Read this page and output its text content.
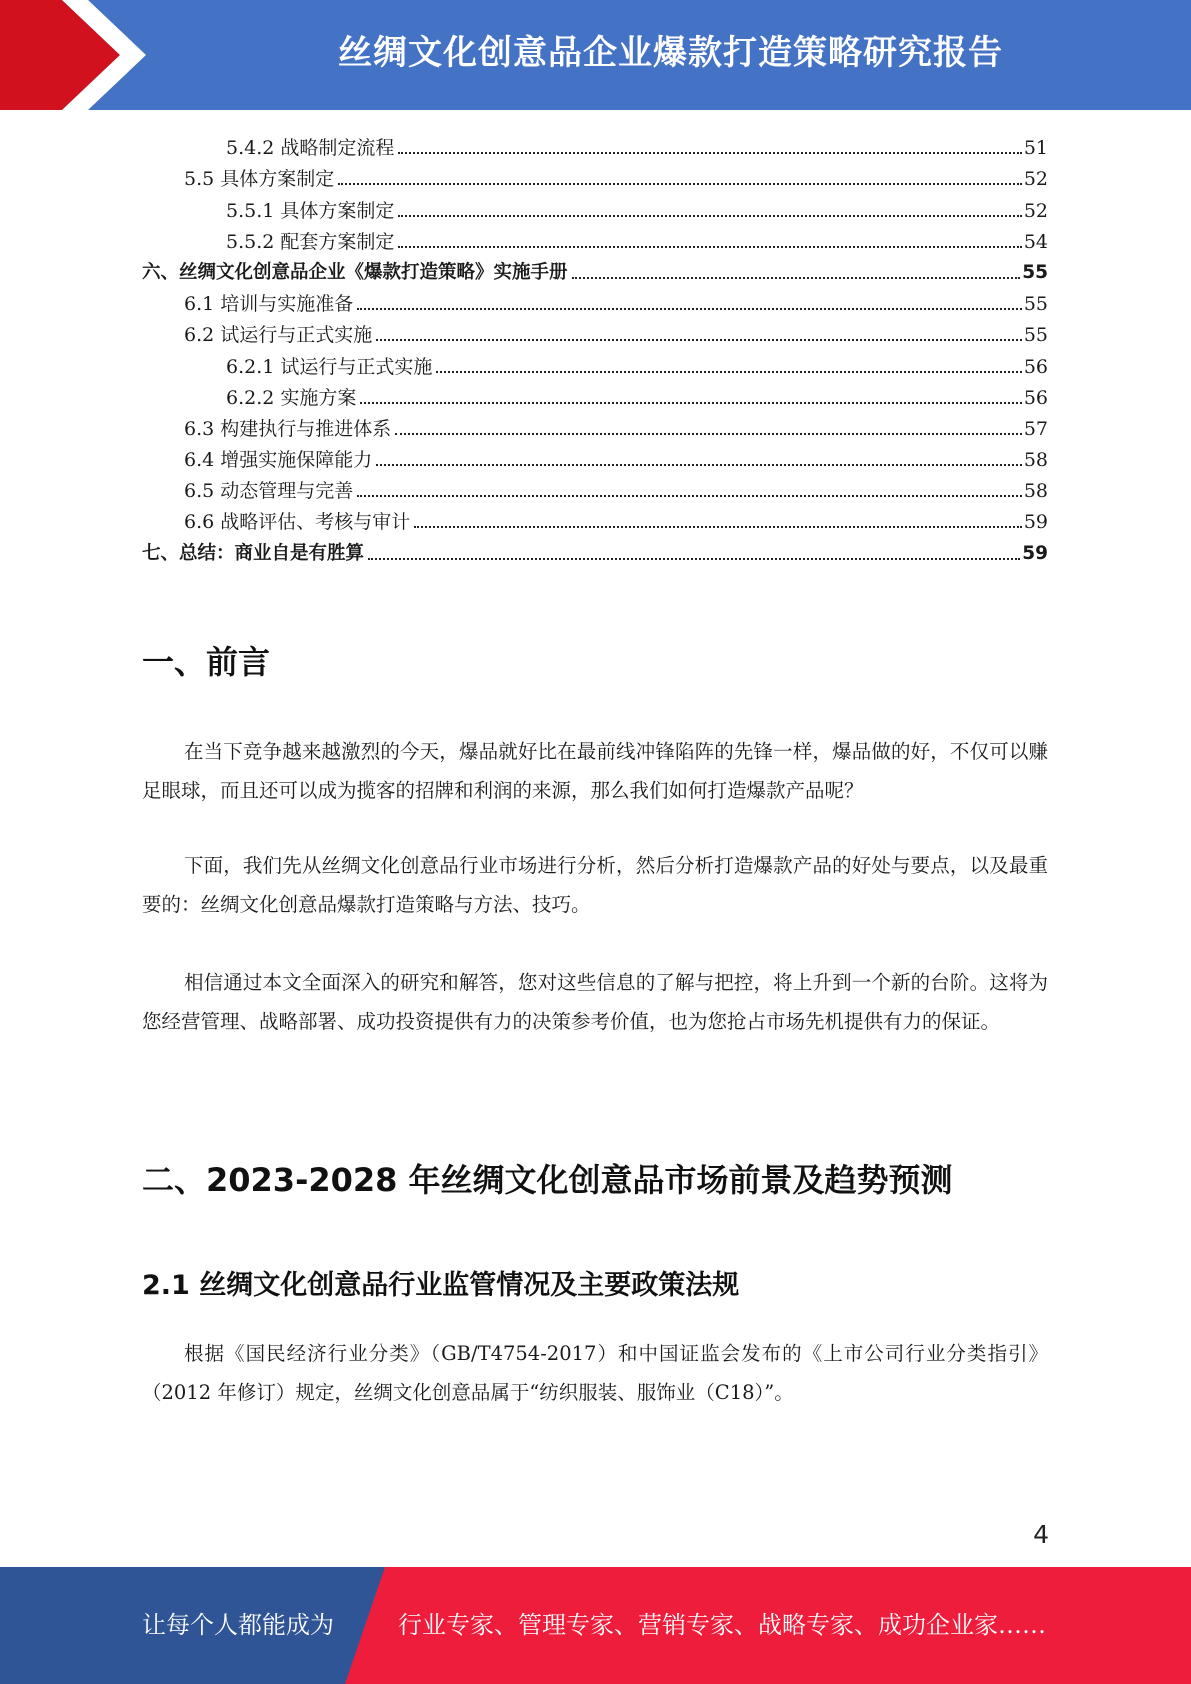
丝绸文化创意品企业爆款打造策略研究报告
5.4.2 战略制定流程	51
5.5 具体方案制定	52
5.5.1 具体方案制定	52
5.5.2 配套方案制定	54
六、丝绸文化创意品企业《爆款打造策略》实施手册	55
6.1 培训与实施准备	55
6.2 试运行与正式实施	55
6.2.1 试运行与正式实施	56
6.2.2 实施方案	56
6.3 构建执行与推进体系	57
6.4 增强实施保障能力	58
6.5 动态管理与完善	58
6.6 战略评估、考核与审计	59
七、总结：商业自是有胜算	59
一、前言
在当下竞争越来越激烈的今天，爆品就好比在最前线冲锋陷阵的先锋一样，爆品做的好，不仅可以赚足眼球，而且还可以成为揽客的招牌和利润的来源，那么我们如何打造爆款产品呢？
下面，我们先从丝绸文化创意品行业市场进行分析，然后分析打造爆款产品的好处与要点，以及最重要的：丝绸文化创意品爆款打造策略与方法、技巧。
相信通过本文全面深入的研究和解答，您对这些信息的了解与把控，将上升到一个新的台阶。这将为您经营管理、战略部署、成功投资提供有力的决策参考价值，也为您抢占市场先机提供有力的保证。
二、2023-2028 年丝绸文化创意品市场前景及趋势预测
2.1 丝绸文化创意品行业监管情况及主要政策法规
根据《国民经济行业分类》（GB/T4754-2017）和中国证监会发布的《上市公司行业分类指引》（2012 年修订）规定，丝绸文化创意品属于“纺织服装、服饰业（C18）”。
4
让每个人都能成为	行业专家、管理专家、营销专家、战略专家、成功企业家……
